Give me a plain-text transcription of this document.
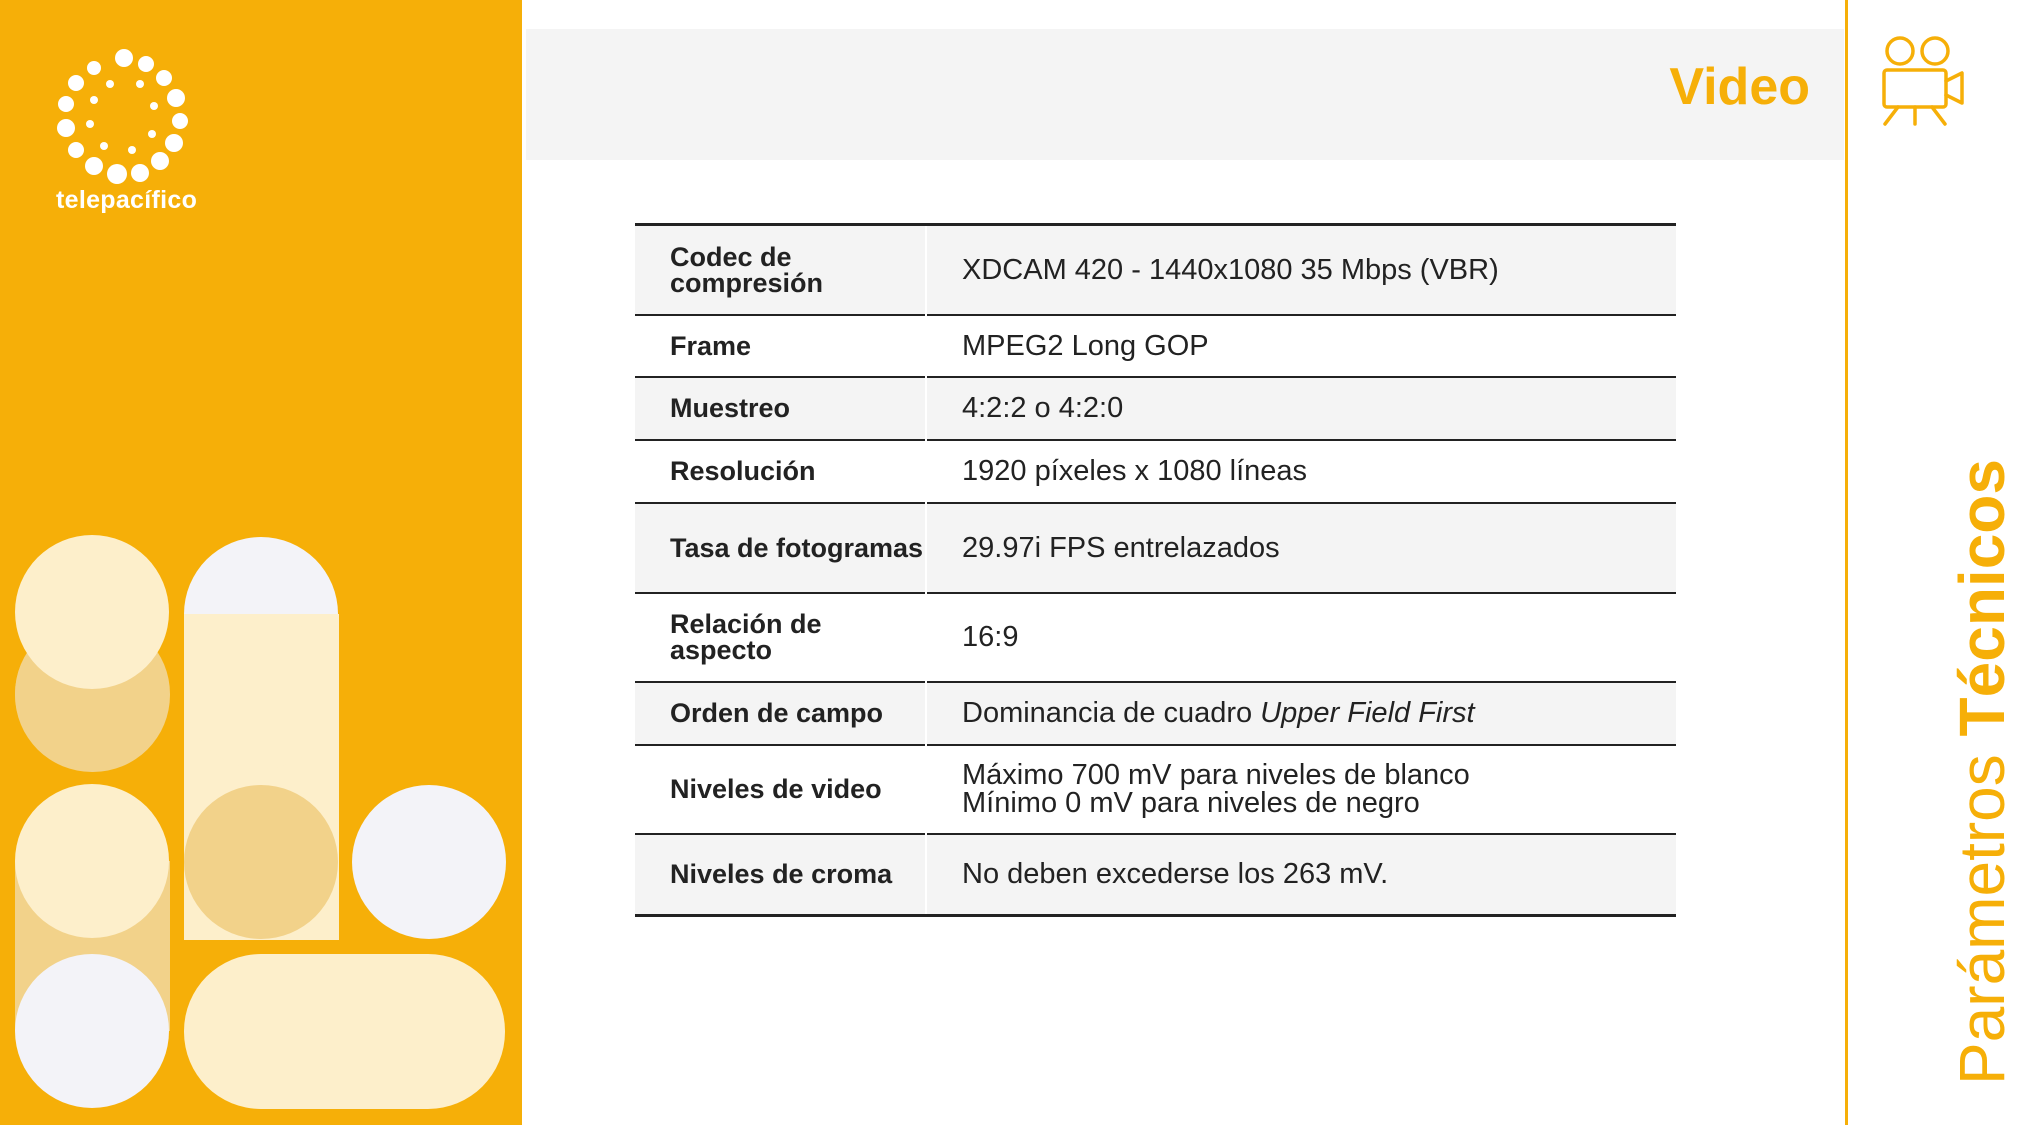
telepacífico
Video
Parámetros Técnicos
Codec de compresión	XDCAM 420 - 1440x1080 35 Mbps (VBR)
Frame	MPEG2 Long GOP
Muestreo	4:2:2 o 4:2:0
Resolución	1920 píxeles x 1080 líneas
Tasa de fotogramas	29.97i FPS entrelazados
Relación de aspecto	16:9
Orden de campo	Dominancia de cuadro Upper Field First
Niveles de video	Máximo 700 mV para niveles de blanco
Mínimo 0 mV para niveles de negro

Niveles de croma	No deben excederse los 263 mV.
